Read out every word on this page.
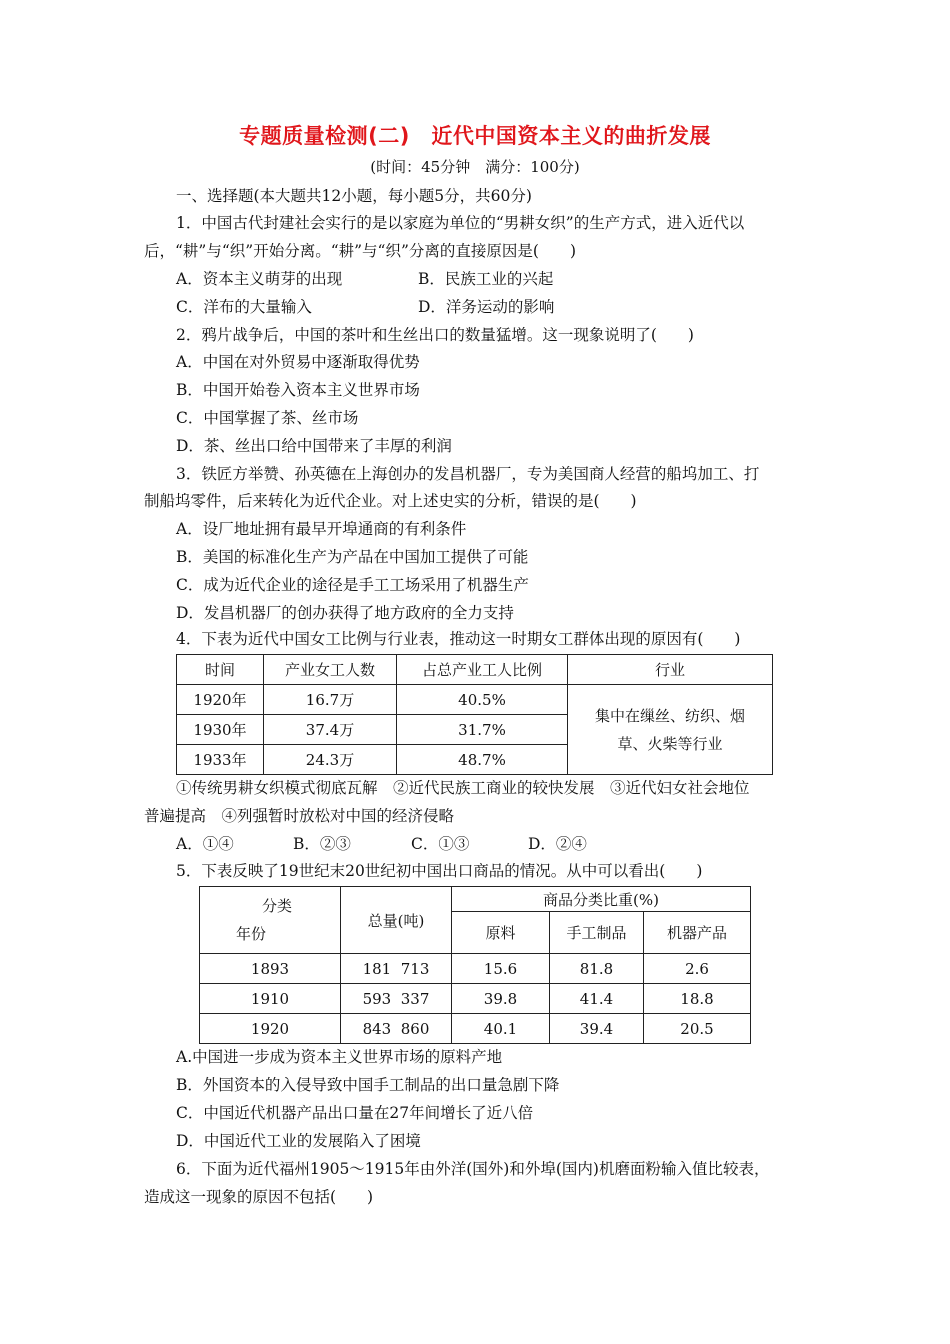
专题质量检测(二)　近代中国资本主义的曲折发展
(时间：45分钟　满分：100分)
一、选择题(本大题共12小题，每小题5分，共60分)
1．中国古代封建社会实行的是以家庭为单位的“男耕女织”的生产方式，进入近代以
后，“耕”与“织”开始分离。“耕”与“织”分离的直接原因是(　　)
A．资本主义萌芽的出现	B．民族工业的兴起
C．洋布的大量输入	D．洋务运动的影响
2．鸦片战争后，中国的茶叶和生丝出口的数量猛增。这一现象说明了(　　)
A．中国在对外贸易中逐渐取得优势
B．中国开始卷入资本主义世界市场
C．中国掌握了茶、丝市场
D．茶、丝出口给中国带来了丰厚的利润
3．铁匠方举赞、孙英德在上海创办的发昌机器厂，专为美国商人经营的船坞加工、打
制船坞零件，后来转化为近代企业。对上述史实的分析，错误的是(　　)
A．设厂地址拥有最早开埠通商的有利条件
B．美国的标准化生产为产品在中国加工提供了可能
C．成为近代企业的途径是手工工场采用了机器生产
D．发昌机器厂的创办获得了地方政府的全力支持
4．下表为近代中国女工比例与行业表，推动这一时期女工群体出现的原因有(　　)
时间	产业女工人数	占总产业工人比例	行业
1920年	16.7万	40.5%	集中在缫丝、纺织、烟
草、火柴等行业

1930年	37.4万	31.7%	
1933年	24.3万	48.7%	
①传统男耕女织模式彻底瓦解　②近代民族工商业的较快发展　③近代妇女社会地位
普遍提高　④列强暂时放松对中国的经济侵略
A．①④	B．②③	C．①③	D．②④
5．下表反映了19世纪末20世纪初中国出口商品的情况。从中可以看出(　　)
分类
年份	总量(吨)	商品分类比重(%)		
		原料	手工制品	机器产品
1893	181  713	15.6	81.8	2.6
1910	593  337	39.8	41.4	18.8
1920	843  860	40.1	39.4	20.5
A.中国进一步成为资本主义世界市场的原料产地
B．外国资本的入侵导致中国手工制品的出口量急剧下降
C．中国近代机器产品出口量在27年间增长了近八倍
D．中国近代工业的发展陷入了困境
6．下面为近代福州1905～1915年由外洋(国外)和外埠(国内)机磨面粉输入值比较表，
造成这一现象的原因不包括(　　)
